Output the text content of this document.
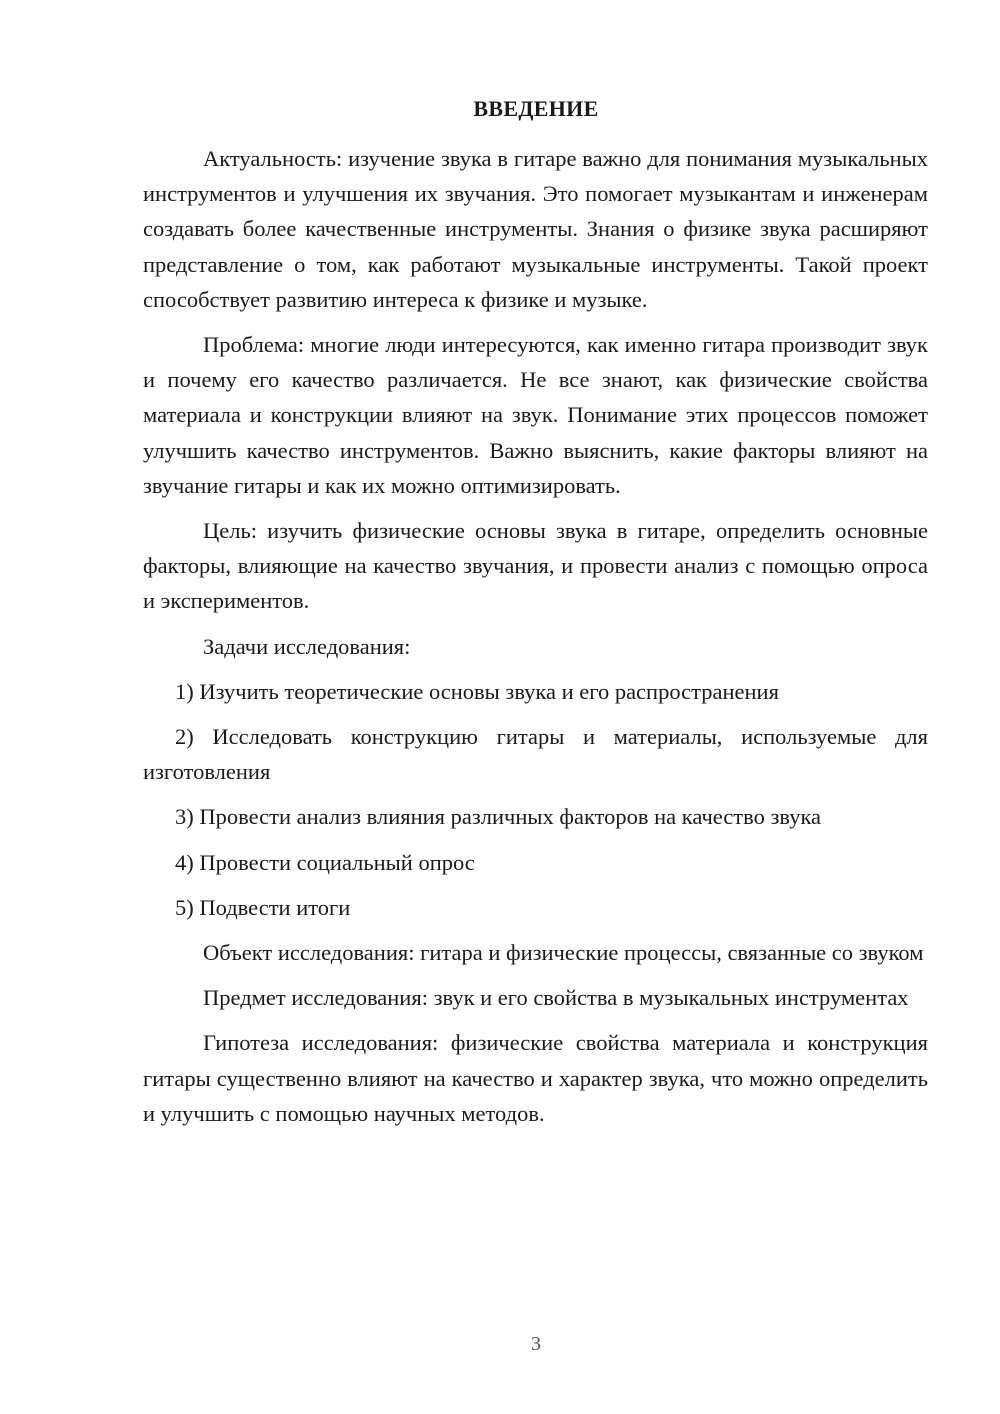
ВВЕДЕНИЕ

Актуальность: изучение звука в гитаре важно для понимания музыкальных инструментов и улучшения их звучания. Это помогает музыкантам и инженерам создавать более качественные инструменты. Знания о физике звука расширяют представление о том, как работают музыкальные инструменты. Такой проект способствует развитию интереса к физике и музыке.

Проблема: многие люди интересуются, как именно гитара производит звук и почему его качество различается. Не все знают, как физические свойства материала и конструкции влияют на звук. Понимание этих процессов поможет улучшить качество инструментов. Важно выяснить, какие факторы влияют на звучание гитары и как их можно оптимизировать.

Цель: изучить физические основы звука в гитаре, определить основные факторы, влияющие на качество звучания, и провести анализ с помощью опроса и экспериментов.

Задачи исследования:

1) Изучить теоретические основы звука и его распространения

2) Исследовать конструкцию гитары и материалы, используемые для изготовления

3) Провести анализ влияния различных факторов на качество звука

4) Провести социальный опрос

5) Подвести итоги

Объект исследования: гитара и физические процессы, связанные со звуком

Предмет исследования: звук и его свойства в музыкальных инструментах

Гипотеза исследования: физические свойства материала и конструкция гитары существенно влияют на качество и характер звука, что можно определить и улучшить с помощью научных методов.

3
